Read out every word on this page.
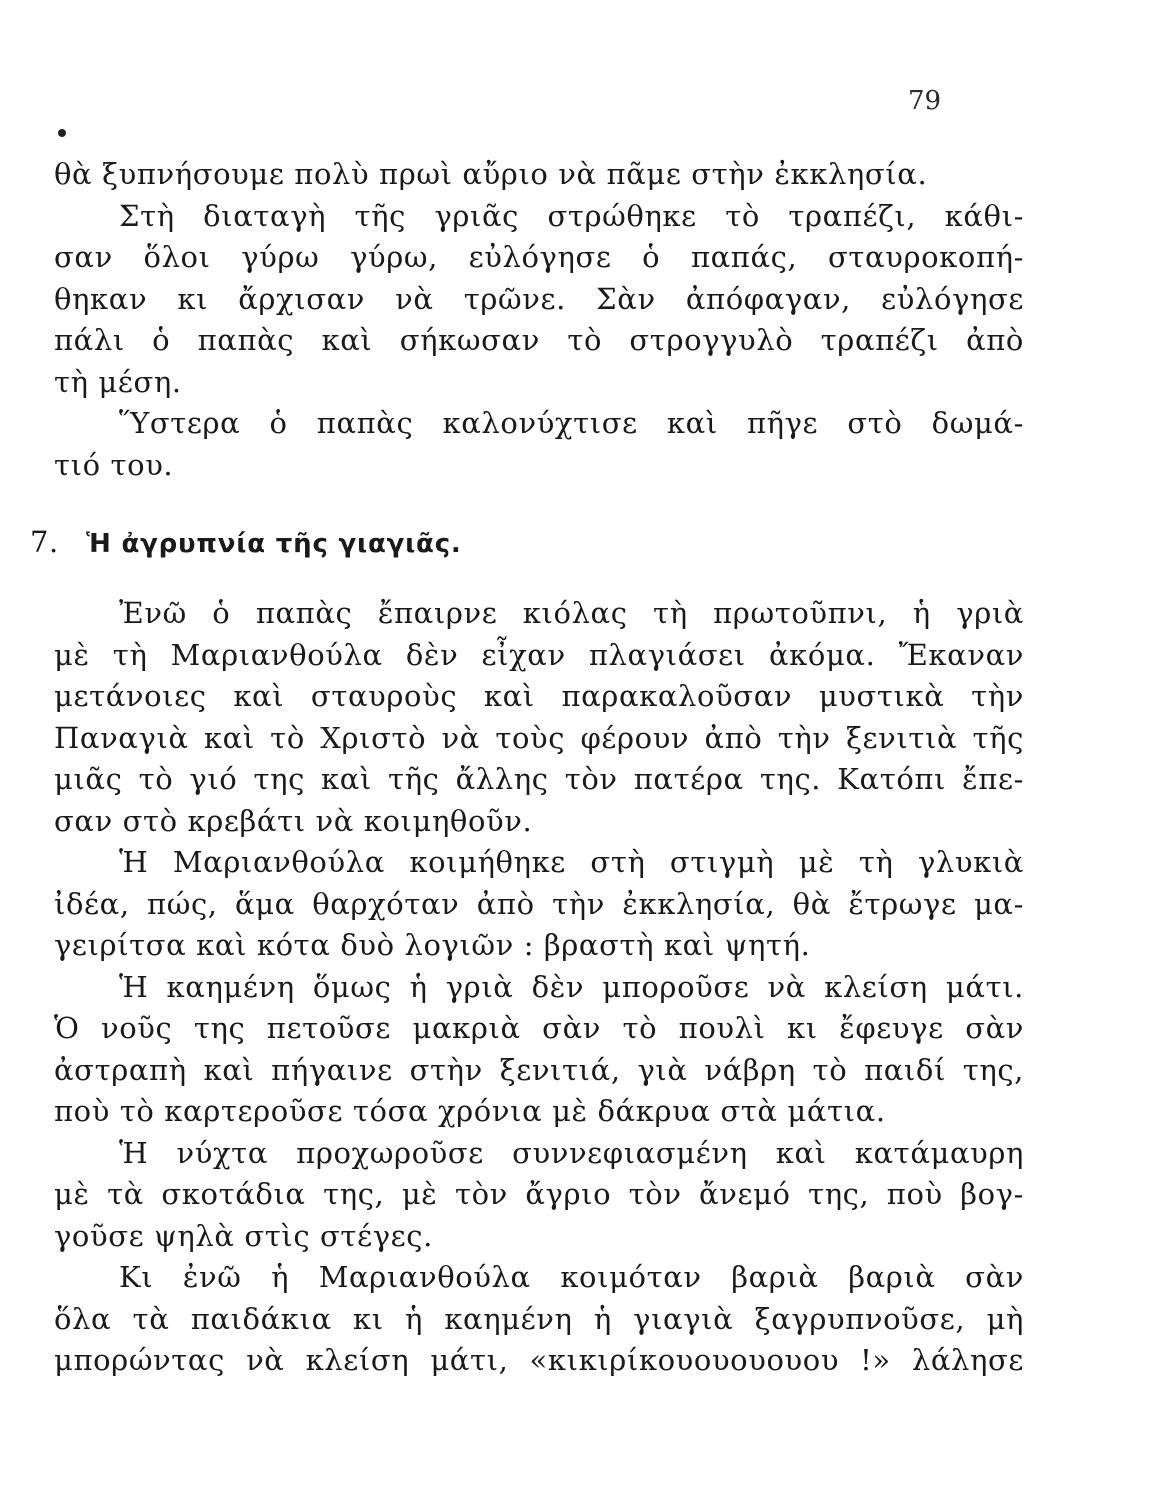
79
θὰ ξυπνήσουμε πολὺ πρωὶ αὔριο νὰ πᾶμε στὴν ἐκκλησία.
Στὴ διαταγὴ τῆς γριᾶς στρώθηκε τὸ τραπέζι, κάθι-
σαν ὅλοι γύρω γύρω, εὐλόγησε ὁ παπάς, σταυροκοπή-
θηκαν κι ἄρχισαν νὰ τρῶνε. Σὰν ἀπόφαγαν, εὐλόγησε
πάλι ὁ παπὰς καὶ σήκωσαν τὸ στρογγυλὸ τραπέζι ἀπὸ
τὴ μέση.
Ὕστερα ὁ παπὰς καλονύχτισε καὶ πῆγε στὸ δωμά-
τιό του.
7. Ἡ ἀγρυπνία τῆς γιαγιᾶς.
Ἐνῶ ὁ παπὰς ἔπαιρνε κιόλας τὴ πρωτοῦπνι, ἡ γριὰ
μὲ τὴ Μαριανθούλα δὲν εἶχαν πλαγιάσει ἀκόμα. Ἔκαναν
μετάνοιες καὶ σταυροὺς καὶ παρακαλοῦσαν μυστικὰ τὴν
Παναγιὰ καὶ τὸ Χριστὸ νὰ τοὺς φέρουν ἀπὸ τὴν ξενιτιὰ τῆς
μιᾶς τὸ γιό της καὶ τῆς ἄλλης τὸν πατέρα της. Κατόπι ἔπε-
σαν στὸ κρεβάτι νὰ κοιμηθοῦν.
Ἡ Μαριανθούλα κοιμήθηκε στὴ στιγμὴ μὲ τὴ γλυκιὰ
ἰδέα, πώς, ἅμα θαρχόταν ἀπὸ τὴν ἐκκλησία, θὰ ἔτρωγε μα-
γειρίτσα καὶ κότα δυὸ λογιῶν : βραστὴ καὶ ψητή.
Ἡ καημένη ὅμως ἡ γριὰ δὲν μποροῦσε νὰ κλείση μάτι.
Ὁ νοῦς της πετοῦσε μακριὰ σὰν τὸ πουλὶ κι ἔφευγε σὰν
ἀστραπὴ καὶ πήγαινε στὴν ξενιτιά, γιὰ νάβρη τὸ παιδί της,
ποὺ τὸ καρτεροῦσε τόσα χρόνια μὲ δάκρυα στὰ μάτια.
Ἡ νύχτα προχωροῦσε συννεφιασμένη καὶ κατάμαυρη
μὲ τὰ σκοτάδια της, μὲ τὸν ἄγριο τὸν ἄνεμό της, ποὺ βογ-
γοῦσε ψηλὰ στὶς στέγες.
Κι ἐνῶ ἡ Μαριανθούλα κοιμόταν βαριὰ βαριὰ σὰν
ὅλα τὰ παιδάκια κι ἡ καημένη ἡ γιαγιὰ ξαγρυπνοῦσε, μὴ
μπορώντας νὰ κλείση μάτι, «κικιρίκουουουουου !» λάλησε
